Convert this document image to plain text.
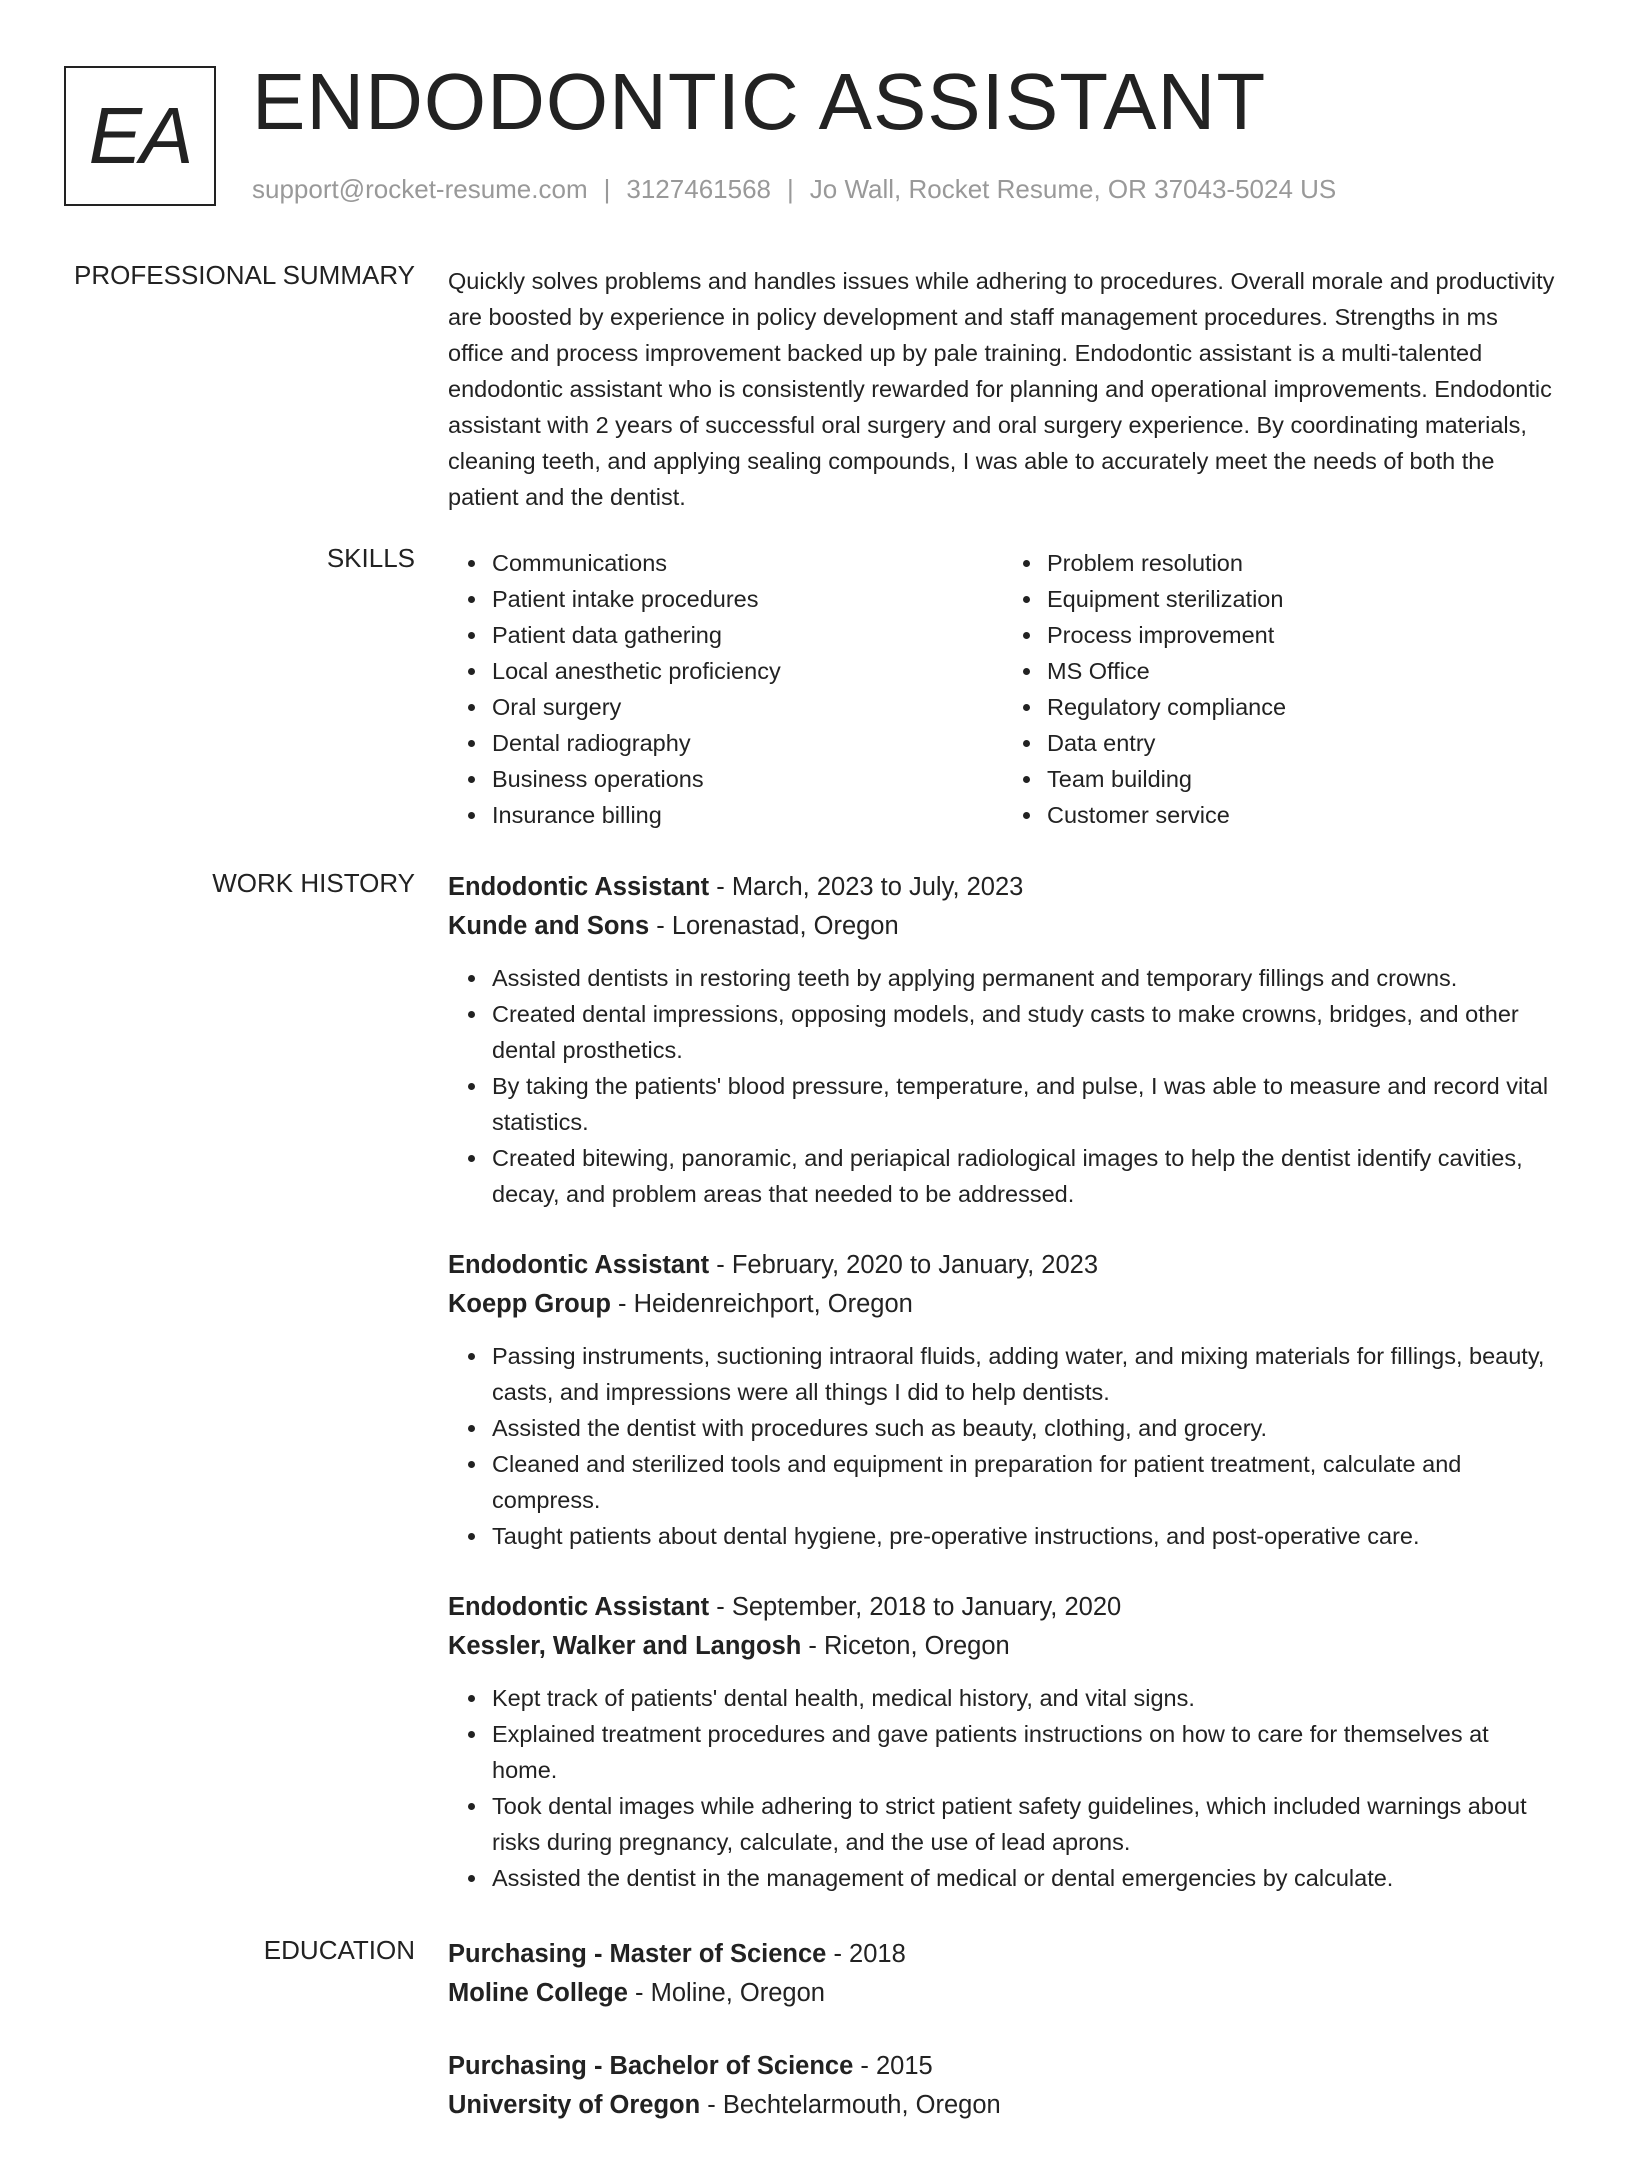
EA ENDODONTIC ASSISTANT
support@rocket-resume.com | 3127461568 | Jo Wall, Rocket Resume, OR 37043-5024 US
PROFESSIONAL SUMMARY Quickly solves problems and handles issues while adhering to procedures. Overall morale and productivity are boosted by experience in policy development and staff management procedures. Strengths in ms office and process improvement backed up by pale training. Endodontic assistant is a multi-talented endodontic assistant who is consistently rewarded for planning and operational improvements. Endodontic assistant with 2 years of successful oral surgery and oral surgery experience. By coordinating materials, cleaning teeth, and applying sealing compounds, I was able to accurately meet the needs of both the patient and the dentist.

SKILLS	Communications
Patient intake procedures
Patient data gathering
Local anesthetic proficiency
Oral surgery
Dental radiography
Business operations
Insurance billing
Problem resolution
Equipment sterilization
Process improvement
MS Office
Regulatory compliance
Data entry
Team building
Customer service
WORK HISTORY Endodontic Assistant - March, 2023 to July, 2023
Kunde and Sons - Lorenastad, Oregon
Assisted dentists in restoring teeth by applying permanent and temporary fillings and crowns.
Created dental impressions, opposing models, and study casts to make crowns, bridges, and other dental prosthetics.
By taking the patients' blood pressure, temperature, and pulse, I was able to measure and record vital statistics.
Created bitewing, panoramic, and periapical radiological images to help the dentist identify cavities, decay, and problem areas that needed to be addressed.
Endodontic Assistant - February, 2020 to January, 2023
Koepp Group - Heidenreichport, Oregon
Passing instruments, suctioning intraoral fluids, adding water, and mixing materials for fillings, beauty, casts, and impressions were all things I did to help dentists.
Assisted the dentist with procedures such as beauty, clothing, and grocery.
Cleaned and sterilized tools and equipment in preparation for patient treatment, calculate and compress.
Taught patients about dental hygiene, pre-operative instructions, and post-operative care.
Endodontic Assistant - September, 2018 to January, 2020
Kessler, Walker and Langosh - Riceton, Oregon
Kept track of patients' dental health, medical history, and vital signs.
Explained treatment procedures and gave patients instructions on how to care for themselves at home.
Took dental images while adhering to strict patient safety guidelines, which included warnings about risks during pregnancy, calculate, and the use of lead aprons.
Assisted the dentist in the management of medical or dental emergencies by calculate.
EDUCATION Purchasing - Master of Science - 2018
Moline College - Moline, Oregon
Purchasing - Bachelor of Science - 2015
University of Oregon - Bechtelarmouth, Oregon
